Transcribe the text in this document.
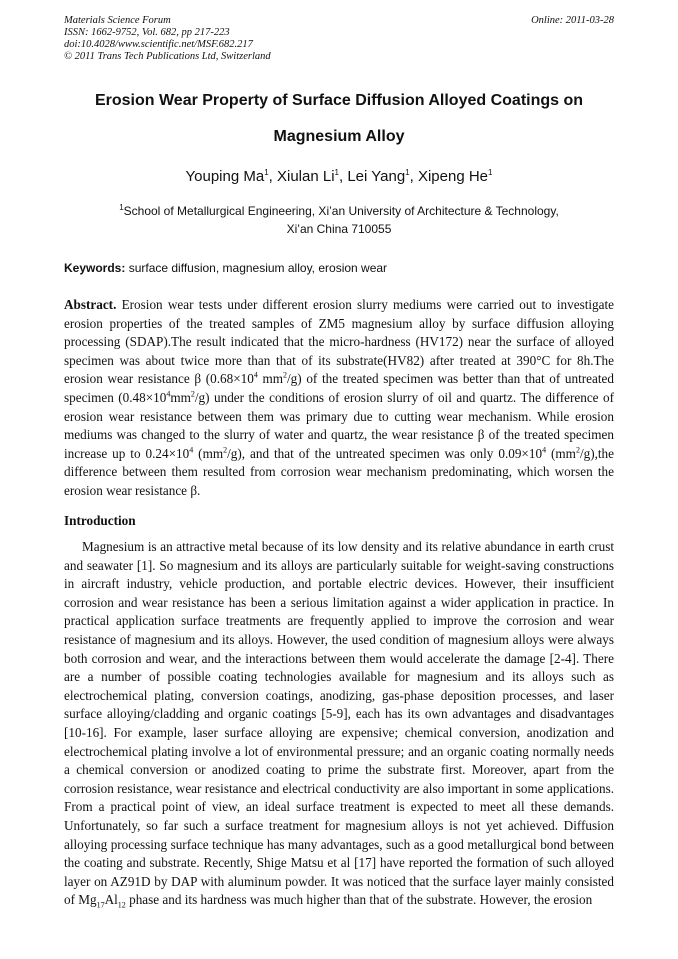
Materials Science Forum
ISSN: 1662-9752, Vol. 682, pp 217-223
doi:10.4028/www.scientific.net/MSF.682.217
© 2011 Trans Tech Publications Ltd, Switzerland
Online: 2011-03-28
Erosion Wear Property of Surface Diffusion Alloyed Coatings on
Magnesium Alloy
Youping Ma$^1$, Xiulan Li$^1$, Lei Yang$^1$, Xipeng He$^1$
$^1$School of Metallurgical Engineering, Xi’an University of Architecture & Technology,
Xi’an China 710055
Keywords: surface diffusion, magnesium alloy, erosion wear
Abstract. Erosion wear tests under different erosion slurry mediums were carried out to investigate erosion properties of the treated samples of ZM5 magnesium alloy by surface diffusion alloying processing (SDAP).The result indicated that the micro-hardness (HV172) near the surface of alloyed specimen was about twice more than that of its substrate(HV82) after treated at 390°C for 8h.The erosion wear resistance β ($0.68\times 10^4$ $mm^2/g$) of the treated specimen was better than that of untreated specimen $(0.48\times 10^4mm^2/g)$ under the conditions of erosion slurry of oil and quartz. The difference of erosion wear resistance between them was primary due to cutting wear mechanism. While erosion mediums was changed to the slurry of water and quartz, the wear resistance β of the treated specimen increase up to $0.24\times 10^4$ $(mm^2/g)$, and that of the untreated specimen was only $0.09\times 10^4$ $(mm^2/g),the$ difference between them resulted from corrosion wear mechanism predominating, which worsen the erosion wear resistance β.
Introduction
Magnesium is an attractive metal because of its low density and its relative abundance in earth crust and seawater [1]. So magnesium and its alloys are particularly suitable for weight-saving constructions in aircraft industry, vehicle production, and portable electric devices. However, their insufficient corrosion and wear resistance has been a serious limitation against a wider application in practice. In practical application surface treatments are frequently applied to improve the corrosion and wear resistance of magnesium and its alloys. However, the used condition of magnesium alloys were always both corrosion and wear, and the interactions between them would accelerate the damage [2-4]. There are a number of possible coating technologies available for magnesium and its alloys such as electrochemical plating, conversion coatings, anodizing, gas-phase deposition processes, and laser surface alloying/cladding and organic coatings [5-9], each has its own advantages and disadvantages [10-16]. For example, laser surface alloying are expensive; chemical conversion, anodization and electrochemical plating involve a lot of environmental pressure; and an organic coating normally needs a chemical conversion or anodized coating to prime the substrate first. Moreover, apart from the corrosion resistance, wear resistance and electrical conductivity are also important in some applications. From a practical point of view, an ideal surface treatment is expected to meet all these demands. Unfortunately, so far such a surface treatment for magnesium alloys is not yet achieved. Diffusion alloying processing surface technique has many advantages, such as a good metallurgical bond between the coating and substrate. Recently, Shige Matsu et al [17] have reported the formation of such alloyed layer on AZ91D by DAP with aluminum powder. It was noticed that the surface layer mainly consisted of $Mg_{17}Al_{12}$ phase and its hardness was much higher than that of the substrate. However, the erosion
